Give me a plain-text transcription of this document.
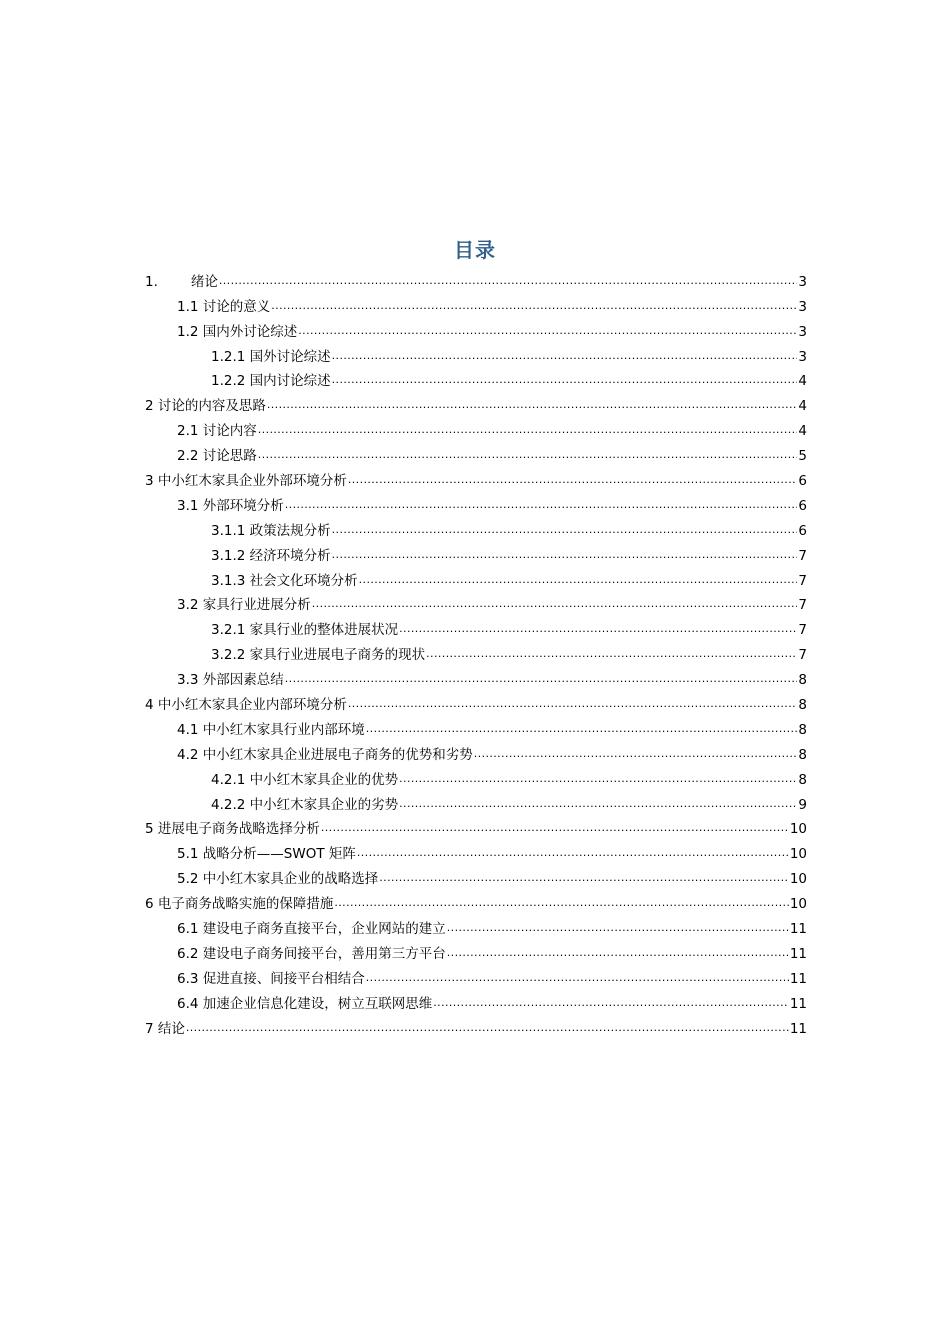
目录
1. 绪论 .....	3
1.1 讨论的意义 .....	3
1.2 国内外讨论综述 .....	3
1.2.1 国外讨论综述 .....	3
1.2.2 国内讨论综述 .....	4
2 讨论的内容及思路 .....	4
2.1 讨论内容 .....	4
2.2 讨论思路 .....	5
3 中小红木家具企业外部环境分析 .....	6
3.1 外部环境分析 .....	6
3.1.1 政策法规分析 .....	6
3.1.2 经济环境分析 .....	7
3.1.3 社会文化环境分析 .....	7
3.2 家具行业进展分析 .....	7
3.2.1 家具行业的整体进展状况 .....	7
3.2.2 家具行业进展电子商务的现状 .....	7
3.3 外部因素总结 .....	8
4 中小红木家具企业内部环境分析 .....	8
4.1 中小红木家具行业内部环境 .....	8
4.2 中小红木家具企业进展电子商务的优势和劣势 .....	8
4.2.1 中小红木家具企业的优势 .....	8
4.2.2 中小红木家具企业的劣势 .....	9
5 进展电子商务战略选择分析 .....	10
5.1 战略分析——SWOT 矩阵 .....	10
5.2 中小红木家具企业的战略选择 .....	10
6 电子商务战略实施的保障措施 .....	10
6.1 建设电子商务直接平台，企业网站的建立 .....	11
6.2 建设电子商务间接平台，善用第三方平台 .....	11
6.3 促进直接、间接平台相结合 .....	11
6.4 加速企业信息化建设，树立互联网思维 .....	11
7 结论 .....	11
